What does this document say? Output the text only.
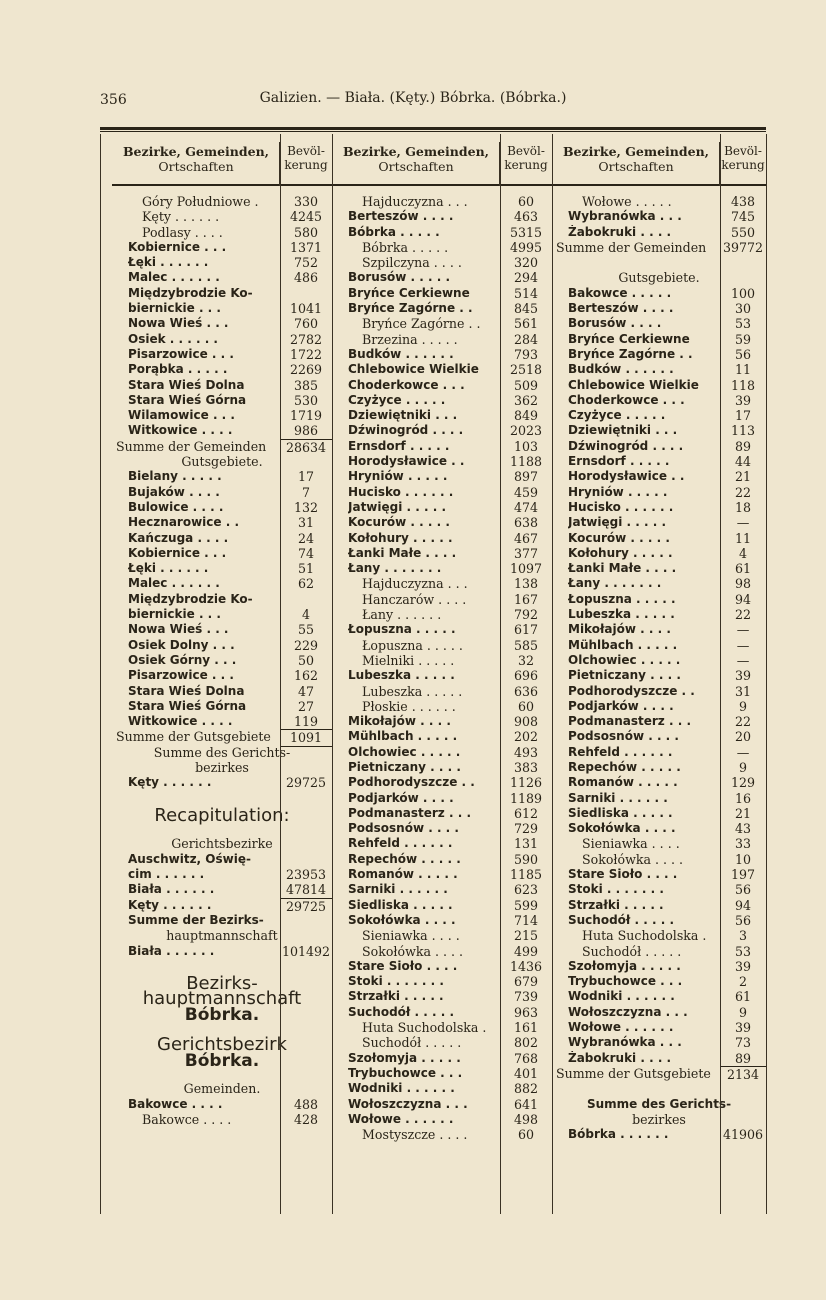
356	Galizien. — Biała. (Kęty.) Bóbrka. (Bóbrka.)
Bezirke, Gemeinden,
Ortschaften
Bevöl-
kerung
Góry Południowe .	330
Kęty . . . . . .	4245
Podlasy . . . .	580
Kobiernice . . .	1371
Łęki . . . . . .	752
Malec . . . . . .	486
Międzybrodzie Ko-
biernickie . . .	1041
Nowa Wieś . . .	760
Osiek . . . . . .	2782
Pisarzowice . . .	1722
Porąbka . . . . .	2269
Stara Wieś Dolna	385
Stara Wieś Górna	530
Wilamowice . . .	1719
Witkowice . . . .	986
Summe der Gemeinden	28634
Gutsgebiete.
Bielany . . . . .	17
Bujaków . . . .	7
Bulowice . . . .	132
Hecznarowice . .	31
Kańczuga . . . .	24
Kobiernice . . .	74
Łęki . . . . . .	51
Malec . . . . . .	62
Międzybrodzie Ko-
biernickie . . .	4
Nowa Wieś . . .	55
Osiek Dolny . . .	229
Osiek Górny . . .	50
Pisarzowice . . .	162
Stara Wieś Dolna	47
Stara Wieś Górna	27
Witkowice . . . .	119
Summe der Gutsgebiete	1091
Summe des Gerichts-
bezirkes
Kęty . . . . . .	29725
Recapitulation:
Gerichtsbezirke
Auschwitz, Oświę-
cim . . . . . .	23953
Biała . . . . . .	47814
Kęty . . . . . .	29725
Summe der Bezirks-
hauptmannschaft
Biała . . . . . .	101492
Bezirks-
hauptmannschaft
Bóbrka.
Gerichtsbezirk
Bóbrka.
Gemeinden.
Bakowce . . . .	488
Bakowce . . . .	428
Bezirke, Gemeinden,
Ortschaften
Bevöl-
kerung
Hajduczyzna . . .	60
Berteszów . . . .	463
Bóbrka . . . . .	5315
Bóbrka . . . . .	4995
Szpilczyna . . . .	320
Borusów . . . . .	294
Bryńce Cerkiewne	514
Bryńce Zagórne . .	845
Bryńce Zagórne . .	561
Brzezina . . . . .	284
Budków . . . . . .	793
Chlebowice Wielkie	2518
Choderkowce . . .	509
Czyżyce . . . . .	362
Dziewiętniki . . .	849
Dźwinogród . . . .	2023
Ernsdorf . . . . .	103
Horodysławice . .	1188
Hryniów . . . . .	897
Hucisko . . . . . .	459
Jatwięgi . . . . .	474
Kocurów . . . . .	638
Kołohury . . . . .	467
Łanki Małe . . . .	377
Łany . . . . . . .	1097
Hajduczyzna . . .	138
Hanczarów . . . .	167
Łany . . . . . .	792
Łopuszna . . . . .	617
Łopuszna . . . . .	585
Mielniki . . . . .	32
Lubeszka . . . . .	696
Lubeszka . . . . .	636
Płoskie . . . . . .	60
Mikołajów . . . .	908
Mühlbach . . . . .	202
Olchowiec . . . . .	493
Pietniczany . . . .	383
Podhorodyszcze . .	1126
Podjarków . . . .	1189
Podmanasterz . . .	612
Podsosnów . . . .	729
Rehfeld . . . . . .	131
Repechów . . . . .	590
Romanów . . . . .	1185
Sarniki . . . . . .	623
Siedliska . . . . .	599
Sokołówka . . . .	714
Sieniawka . . . .	215
Sokołówka . . . .	499
Stare Sioło . . . .	1436
Stoki . . . . . . .	679
Strzałki . . . . .	739
Suchodół . . . . .	963
Huta Suchodolska .	161
Suchodół . . . . .	802
Szołomyja . . . . .	768
Trybuchowce . . .	401
Wodniki . . . . . .	882
Wołoszczyzna . . .	641
Wołowe . . . . . .	498
Mostyszcze . . . .	60
Bezirke, Gemeinden,
Ortschaften
Bevöl-
kerung
Wołowe . . . . .	438
Wybranówka . . .	745
Żabokruki . . . .	550
Summe der Gemeinden 39772
Gutsgebiete.
Bakowce . . . . .	100
Berteszów . . . .	30
Borusów . . . .	53
Bryńce Cerkiewne	59
Bryńce Zagórne . .	56
Budków . . . . . .	11
Chlebowice Wielkie	118
Choderkowce . . .	39
Czyżyce . . . . .	17
Dziewiętniki . . .	113
Dźwinogród . . . .	89
Ernsdorf . . . . .	44
Horodysławice . .	21
Hryniów . . . . .	22
Hucisko . . . . . .	18
Jatwięgi . . . . .	—
Kocurów . . . . .	11
Kołohury . . . . .	4
Łanki Małe . . . .	61
Łany . . . . . . .	98
Łopuszna . . . . .	94
Lubeszka . . . . .	22
Mikołajów . . . .	—
Mühlbach . . . . .	—
Olchowiec . . . . .	—
Pietniczany . . . .	39
Podhorodyszcze . .	31
Podjarków . . . .	9
Podmanasterz . . .	22
Podsosnów . . . .	20
Rehfeld . . . . . .	—
Repechów . . . . .	9
Romanów . . . . .	129
Sarniki . . . . . .	16
Siedliska . . . . .	21
Sokołówka . . . .	43
Sieniawka . . . .	33
Sokołówka . . . .	10
Stare Sioło . . . .	197
Stoki . . . . . . .	56
Strzałki . . . . .	94
Suchodół . . . . .	56
Huta Suchodolska .	3
Suchodół . . . . .	53
Szołomyja . . . . .	39
Trybuchowce . . .	2
Wodniki . . . . . .	61
Wołoszczyzna . . .	9
Wołowe . . . . . .	39
Wybranówka . . .	73
Żabokruki . . . .	89
Summe der Gutsgebiete	2134
Summe des Gerichts-
bezirkes
Bóbrka . . . . . .	41906
